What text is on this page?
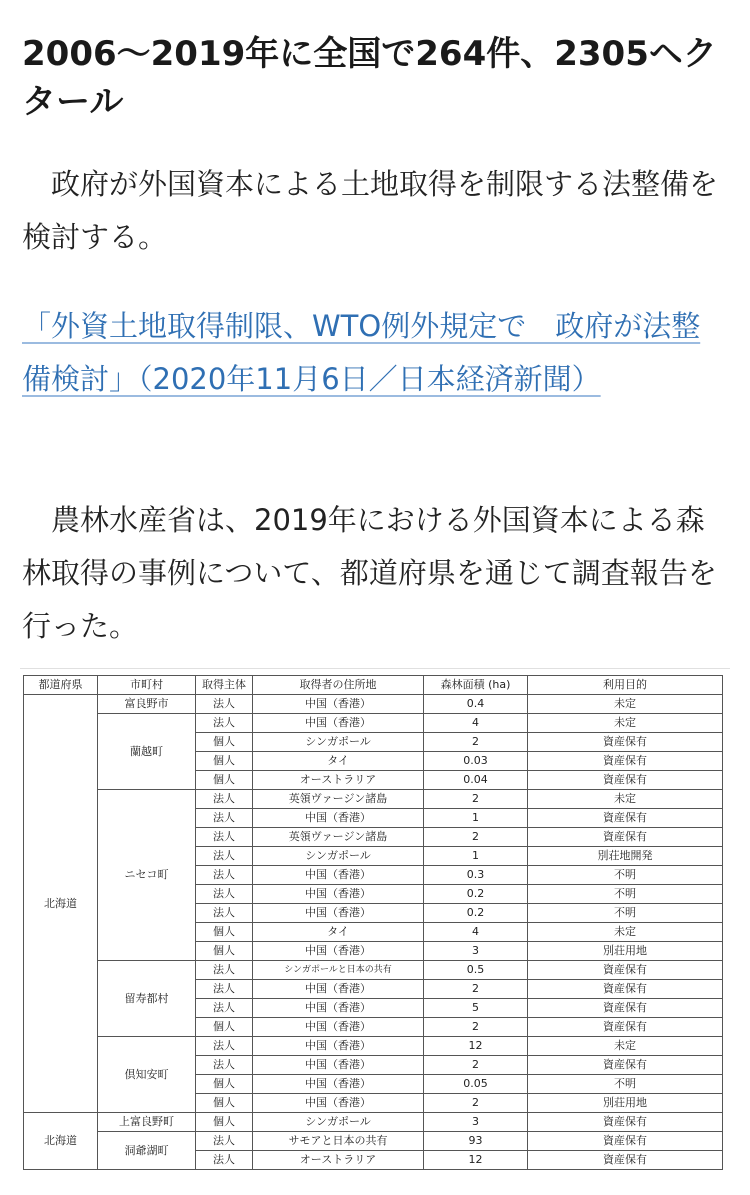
2006〜2019年に全国で264件、2305ヘクタール

　政府が外国資本による土地取得を制限する法整備を検討する。

「外資土地取得制限、WTO例外規定で　政府が法整備検討」（2020年11月6日／日本経済新聞）

　農林水産省は、2019年における外国資本による森林取得の事例について、都道府県を通じて調査報告を行った。

都道府県	市町村	取得主体	取得者の住所地	森林面積 (ha)	利用目的
北海道	富良野市	法人	中国（香港）	0.4	未定
	蘭越町	法人	中国（香港）	4	未定
		個人	シンガポール	2	資産保有
		個人	タイ	0.03	資産保有
		個人	オーストラリア	0.04	資産保有
	ニセコ町	法人	英領ヴァージン諸島	2	未定
		法人	中国（香港）	1	資産保有
		法人	英領ヴァージン諸島	2	資産保有
		法人	シンガポール	1	別荘地開発
		法人	中国（香港）	0.3	不明
		法人	中国（香港）	0.2	不明
		法人	中国（香港）	0.2	不明
		個人	タイ	4	未定
		個人	中国（香港）	3	別荘用地
	留寿都村	法人	シンガポールと日本の共有	0.5	資産保有
		法人	中国（香港）	2	資産保有
		法人	中国（香港）	5	資産保有
		個人	中国（香港）	2	資産保有
	倶知安町	法人	中国（香港）	12	未定
		法人	中国（香港）	2	資産保有
		個人	中国（香港）	0.05	不明
		個人	中国（香港）	2	別荘用地
北海道	上富良野町	個人	シンガポール	3	資産保有
	洞爺湖町	法人	サモアと日本の共有	93	資産保有
		法人	オーストラリア	12	資産保有
